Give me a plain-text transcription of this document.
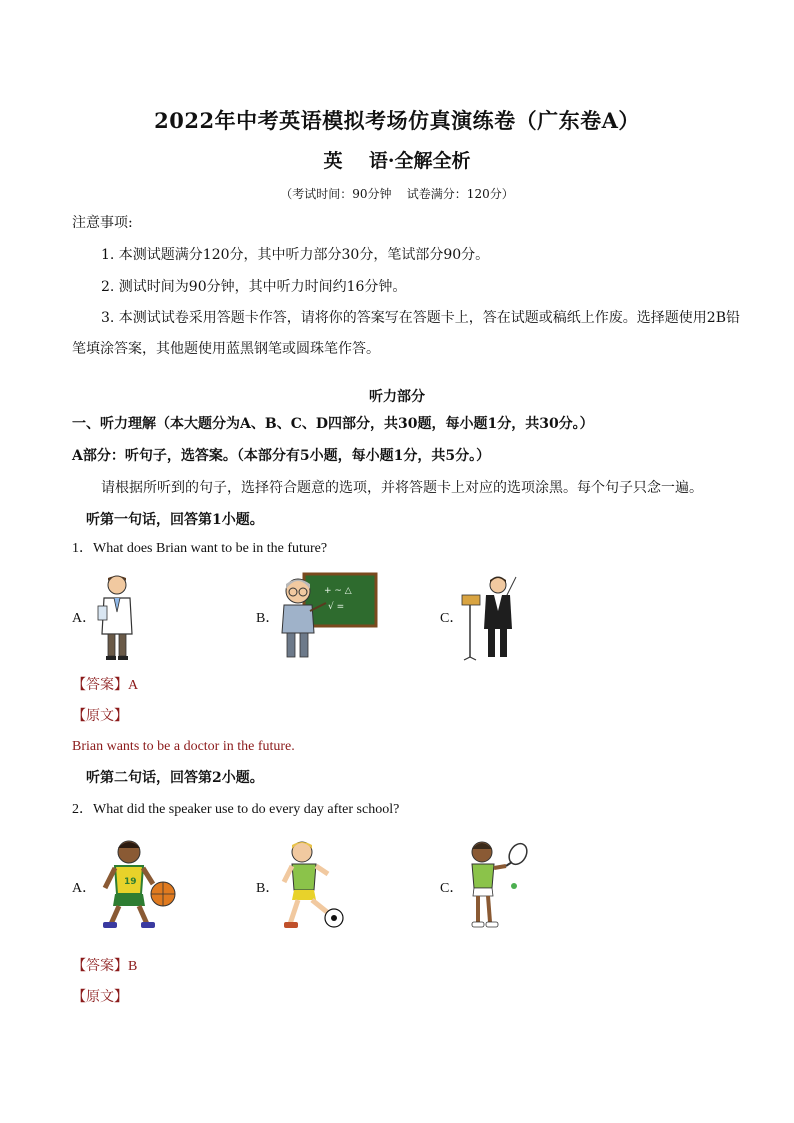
2022年中考英语模拟考场仿真演练卷（广东卷A）
英    语·全解全析
（考试时间：90分钟    试卷满分：120分）
注意事项:
1. 本测试题满分120分，其中听力部分30分，笔试部分90分。
2. 测试时间为90分钟，其中听力时间约16分钟。
3. 本测试试卷采用答题卡作答，请将你的答案写在答题卡上，答在试题或稿纸上作废。选择题使用2B铅
笔填涂答案，其他题使用蓝黑钢笔或圆珠笔作答。
听力部分
一、听力理解（本大题分为A、B、C、D四部分，共30题，每小题1分，共30分。）
A部分：听句子，选答案。（本部分有5小题，每小题1分，共5分。）
请根据所听到的句子，选择符合题意的选项，并将答题卡上对应的选项涂黑。每个句子只念一遍。
听第一句话，回答第1小题。
1．What does Brian want to be in the future?
A．	B．	C．
+ ~ △
√ =
【答案】A
【原文】
Brian wants to be a doctor in the future.
听第二句话，回答第2小题。
2．What did the speaker use to do every day after school?
A．	B．	C．
19
【答案】B
【原文】
